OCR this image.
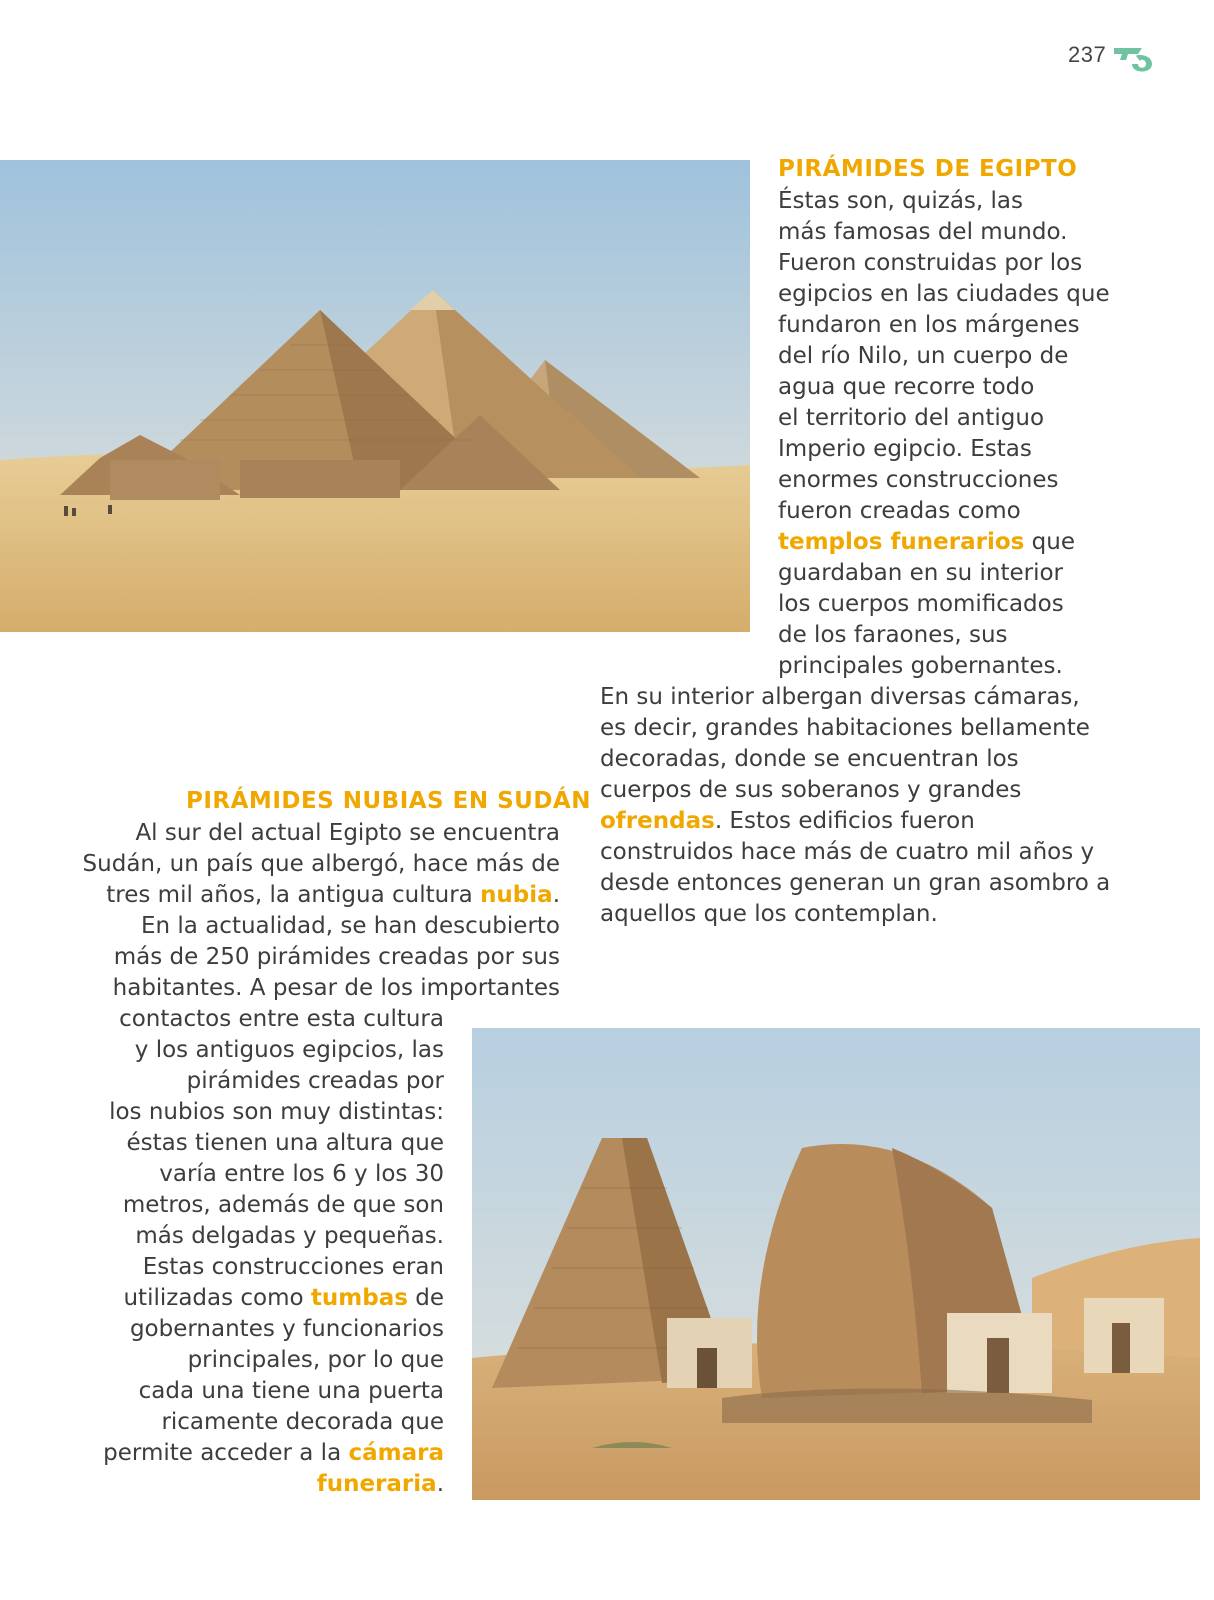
237
PIRÁMIDES DE EGIPTO
Éstas son, quizás, las
más famosas del mundo.
Fueron construidas por los
egipcios en las ciudades que
fundaron en los márgenes
del río Nilo, un cuerpo de
agua que recorre todo
el territorio del antiguo
Imperio egipcio. Estas
enormes construcciones
fueron creadas como
templos funerarios que
guardaban en su interior
los cuerpos momificados
de los faraones, sus
principales gobernantes.
En su interior albergan diversas cámaras,
es decir, grandes habitaciones bellamente
decoradas, donde se encuentran los
cuerpos de sus soberanos y grandes
ofrendas. Estos edificios fueron
construidos hace más de cuatro mil años y
desde entonces generan un gran asombro a
aquellos que los contemplan.
PIRÁMIDES NUBIAS EN SUDÁN
Al sur del actual Egipto se encuentra
Sudán, un país que albergó, hace más de
tres mil años, la antigua cultura nubia.
En la actualidad, se han descubierto
más de 250 pirámides creadas por sus
habitantes. A pesar de los importantes
contactos entre esta cultura
y los antiguos egipcios, las
pirámides creadas por
los nubios son muy distintas:
éstas tienen una altura que
varía entre los 6 y los 30
metros, además de que son
más delgadas y pequeñas.
Estas construcciones eran
utilizadas como tumbas de
gobernantes y funcionarios
principales, por lo que
cada una tiene una puerta
ricamente decorada que
permite acceder a la cámara
funeraria.
